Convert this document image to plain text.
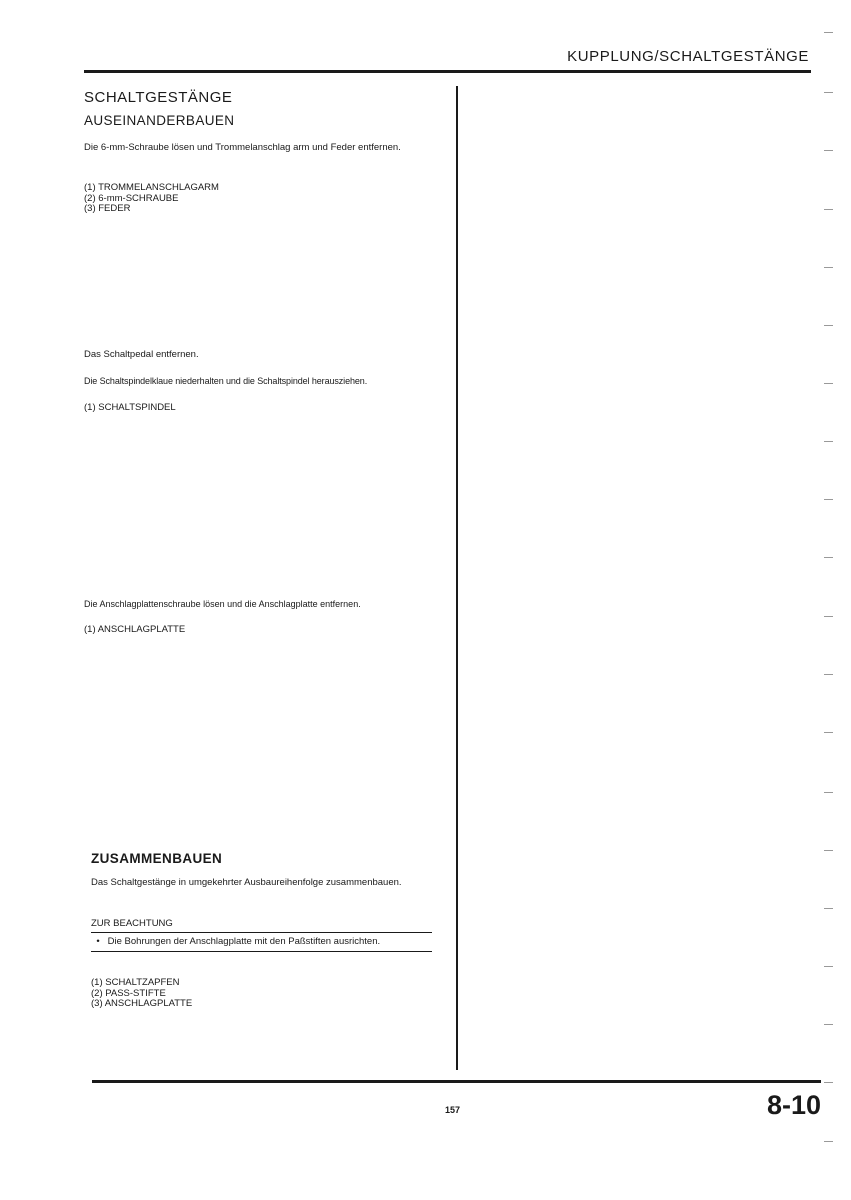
KUPPLUNG/SCHALTGESTÄNGE
SCHALTGESTÄNGE
AUSEINANDERBAUEN
Die 6-mm-Schraube lösen und Trommelanschlag arm und Feder entfernen.
(1) TROMMELANSCHLAGARM
(2) 6-mm-SCHRAUBE
(3) FEDER
Das Schaltpedal entfernen.
Die Schaltspindelklaue niederhalten und die Schaltspindel herausziehen.
(1) SCHALTSPINDEL
Die Anschlagplattenschraube lösen und die Anschlagplatte entfernen.
(1) ANSCHLAGPLATTE
ZUSAMMENBAUEN
Das Schaltgestänge in umgekehrter Ausbaureihenfolge zusammenbauen.
ZUR BEACHTUNG
• Die Bohrungen der Anschlagplatte mit den Paßstiften ausrichten.
(1) SCHALTZAPFEN
(2) PASS-STIFTE
(3) ANSCHLAGPLATTE
157	8-10
